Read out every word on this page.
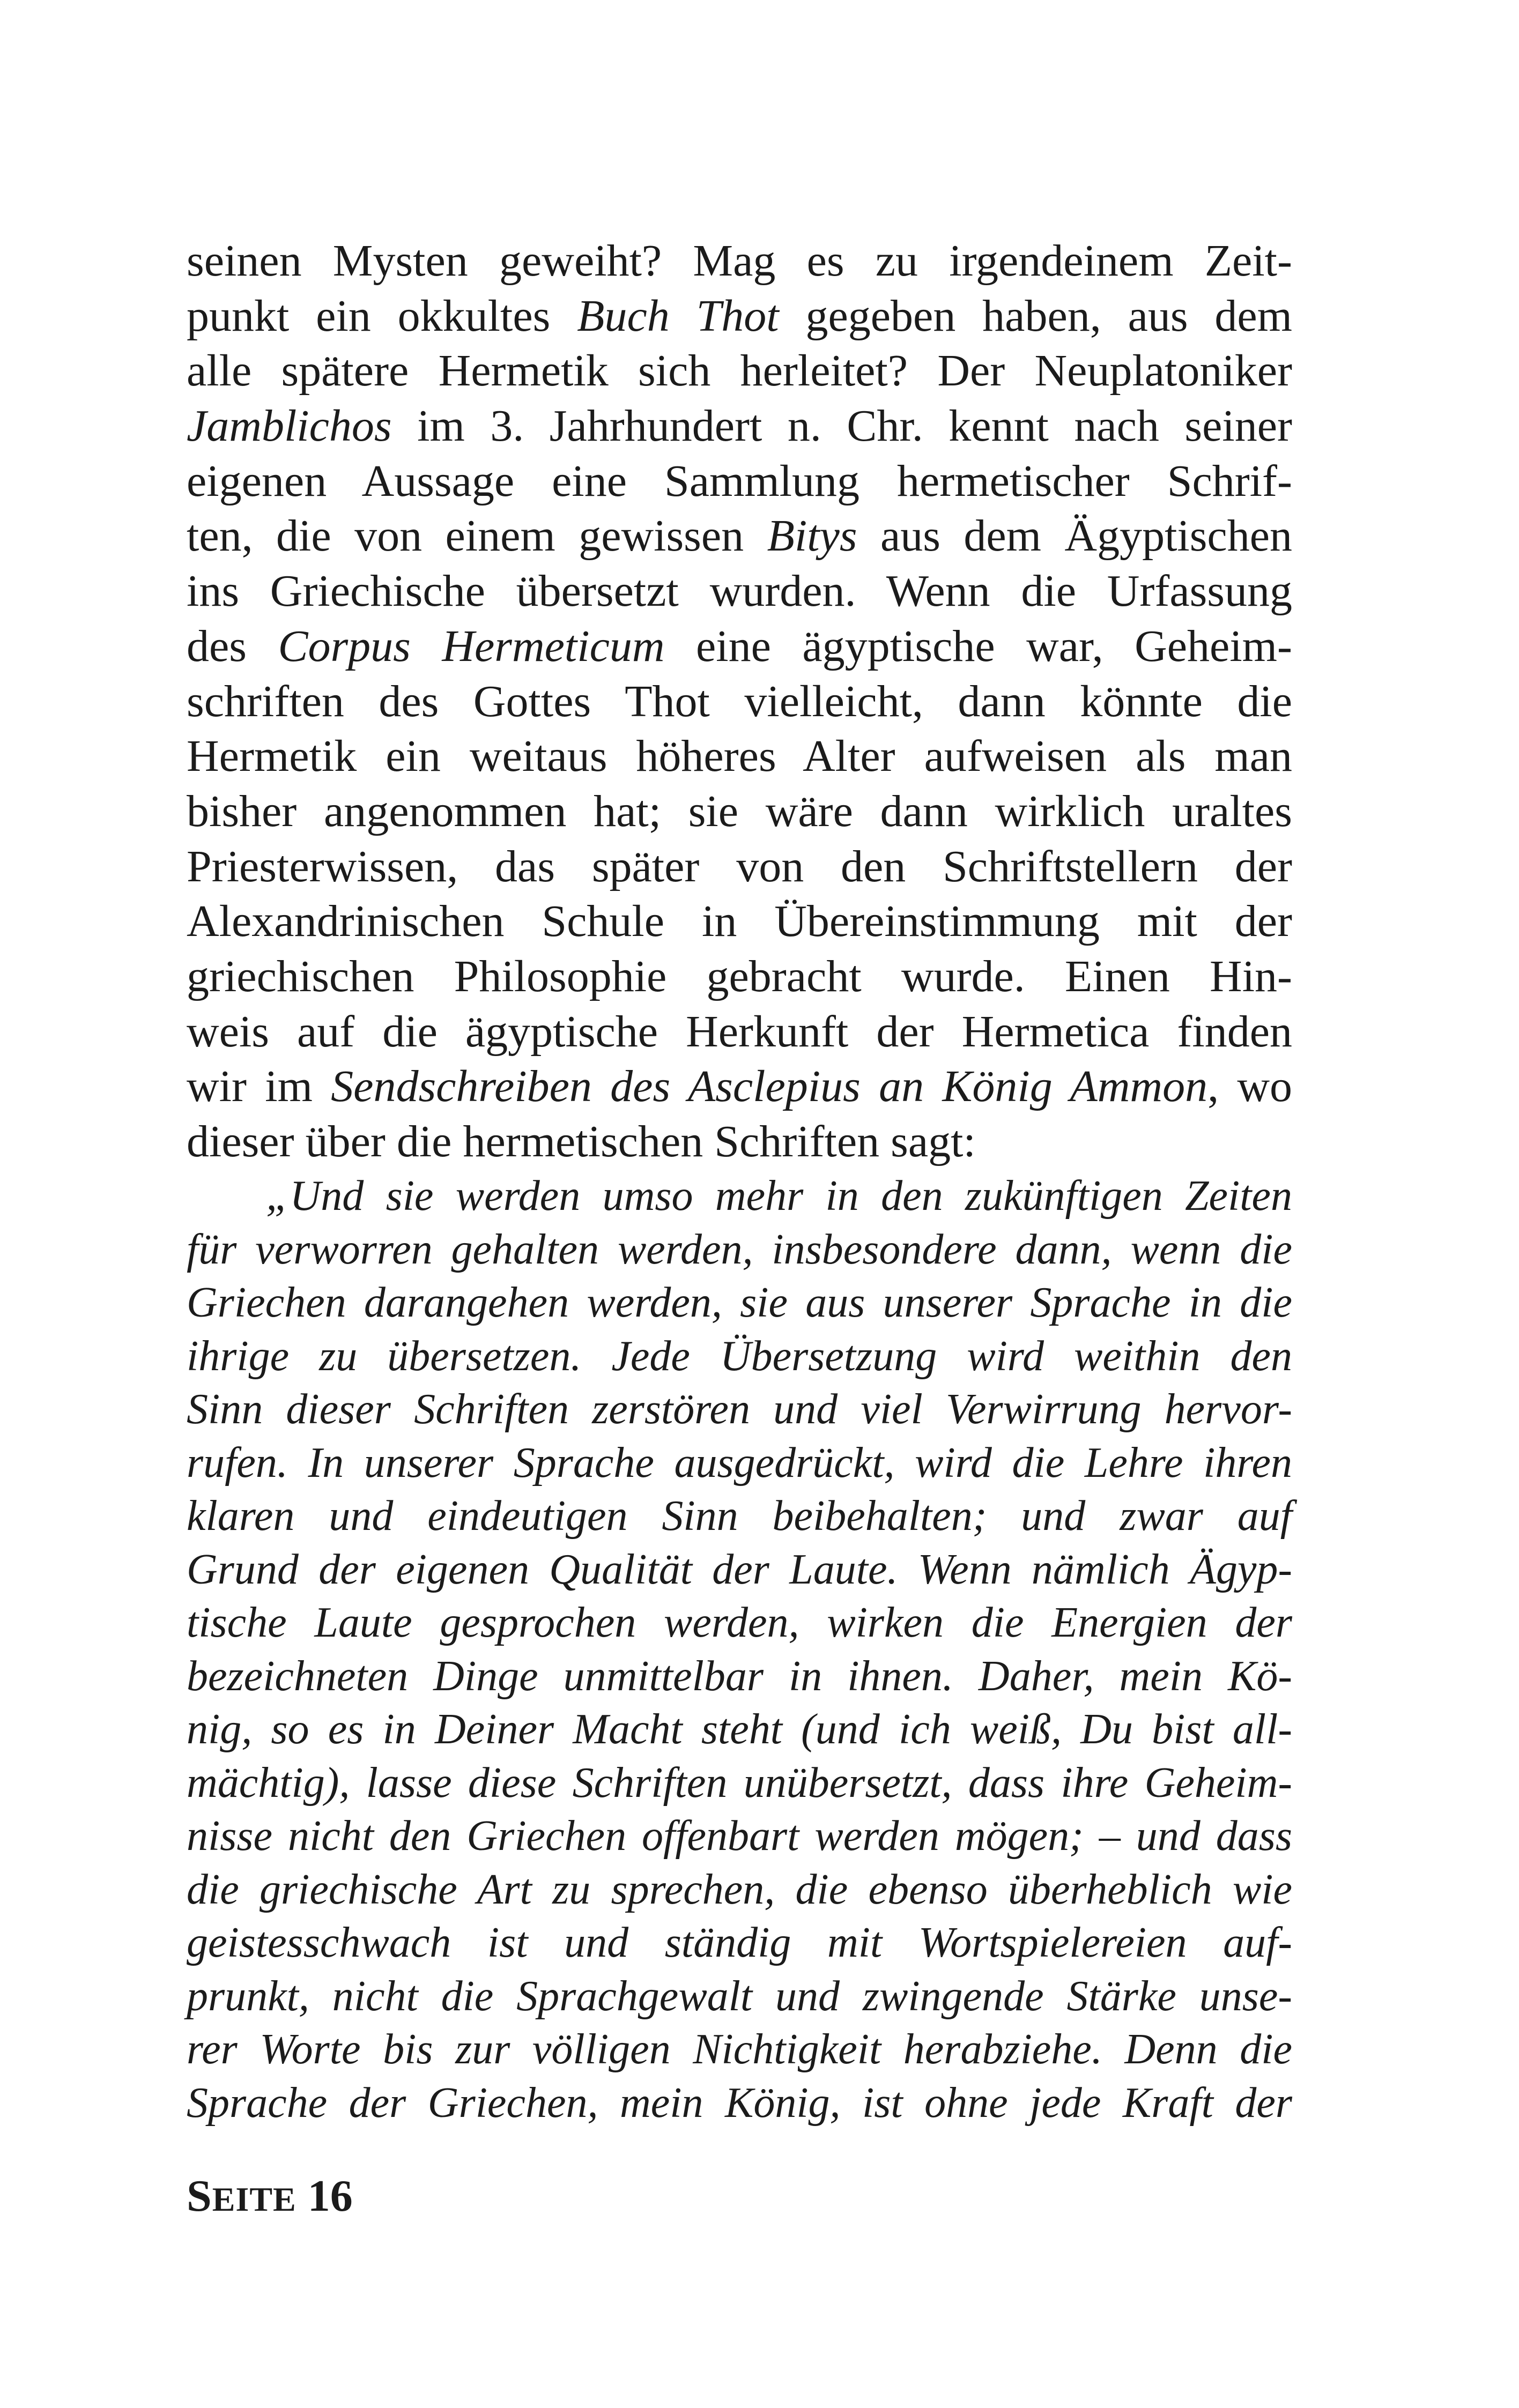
seinen Mysten geweiht? Mag es zu irgendeinem Zeit-
punkt ein okkultes Buch Thot gegeben haben, aus dem
alle spätere Hermetik sich herleitet? Der Neuplatoniker
Jamblichos im 3. Jahrhundert n. Chr. kennt nach seiner
eigenen Aussage eine Sammlung hermetischer Schrif-
ten, die von einem gewissen Bitys aus dem Ägyptischen
ins Griechische übersetzt wurden. Wenn die Urfassung
des Corpus Hermeticum eine ägyptische war, Geheim-
schriften des Gottes Thot vielleicht, dann könnte die
Hermetik ein weitaus höheres Alter aufweisen als man
bisher angenommen hat; sie wäre dann wirklich uraltes
Priesterwissen, das später von den Schriftstellern der
Alexandrinischen Schule in Übereinstimmung mit der
griechischen Philosophie gebracht wurde. Einen Hin-
weis auf die ägyptische Herkunft der Hermetica finden
wir im Sendschreiben des Asclepius an König Ammon, wo
dieser über die hermetischen Schriften sagt:
„Und sie werden umso mehr in den zukünftigen Zeiten
für verworren gehalten werden, insbesondere dann, wenn die
Griechen darangehen werden, sie aus unserer Sprache in die
ihrige zu übersetzen. Jede Übersetzung wird weithin den
Sinn dieser Schriften zerstören und viel Verwirrung hervor-
rufen. In unserer Sprache ausgedrückt, wird die Lehre ihren
klaren und eindeutigen Sinn beibehalten; und zwar auf
Grund der eigenen Qualität der Laute. Wenn nämlich Ägyp-
tische Laute gesprochen werden, wirken die Energien der
bezeichneten Dinge unmittelbar in ihnen. Daher, mein Kö-
nig, so es in Deiner Macht steht (und ich weiß, Du bist all-
mächtig), lasse diese Schriften unübersetzt, dass ihre Geheim-
nisse nicht den Griechen offenbart werden mögen; – und dass
die griechische Art zu sprechen, die ebenso überheblich wie
geistesschwach ist und ständig mit Wortspielereien auf-
prunkt, nicht die Sprachgewalt und zwingende Stärke unse-
rer Worte bis zur völligen Nichtigkeit herabziehe. Denn die
Sprache der Griechen, mein König, ist ohne jede Kraft der
SEITE 16
